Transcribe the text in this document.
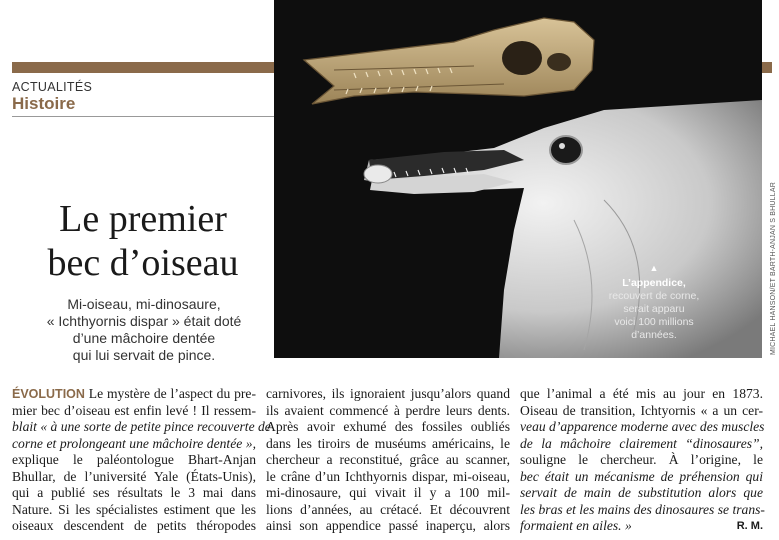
ACTUALITÉS
Histoire
Le premier
bec d’oiseau
Mi-oiseau, mi-dinosaure,
« Ichthyornis dispar » était doté
d’une mâchoire dentée
qui lui servait de pince.
▲
L’appendice,
recouvert de corne,
serait apparu
voici 100 millions
d’années.	MICHAEL HANSON/ET BARTH-ANJAN S BHULLAR
ÉVOLUTION Le mystère de l’aspect du pre-
mier bec d’oiseau est enfin levé ! Il ressem-
blait « à une sorte de petite pince recouverte de
corne et prolongeant une mâchoire dentée »,
explique le paléontologue Bhart-Anjan
Bhullar, de l’université Yale (États-Unis),
qui a publié ses résultats le 3 mai dans
Nature. Si les spécialistes estiment que les
oiseaux descendent de petits théropodes
carnivores, ils ignoraient jusqu’alors quand
ils avaient commencé à perdre leurs dents.
Après avoir exhumé des fossiles oubliés
dans les tiroirs de muséums américains, le
chercheur a reconstitué, grâce au scanner,
le crâne d’un Ichthyornis dispar, mi-oiseau,
mi-dinosaure, qui vivait il y a 100 mil-
lions d’années, au crétacé. Et découvrent
ainsi son appendice passé inaperçu, alors
que l’animal a été mis au jour en 1873.
Oiseau de transition, Ichtyornis « a un cer-
veau d’apparence moderne avec des muscles
de la mâchoire clairement “dinosaures”,
souligne le chercheur. À l’origine, le
bec était un mécanisme de préhension qui
servait de main de substitution alors que
les bras et les mains des dinosaures se trans-
formaient en ailes. »	R. M.
